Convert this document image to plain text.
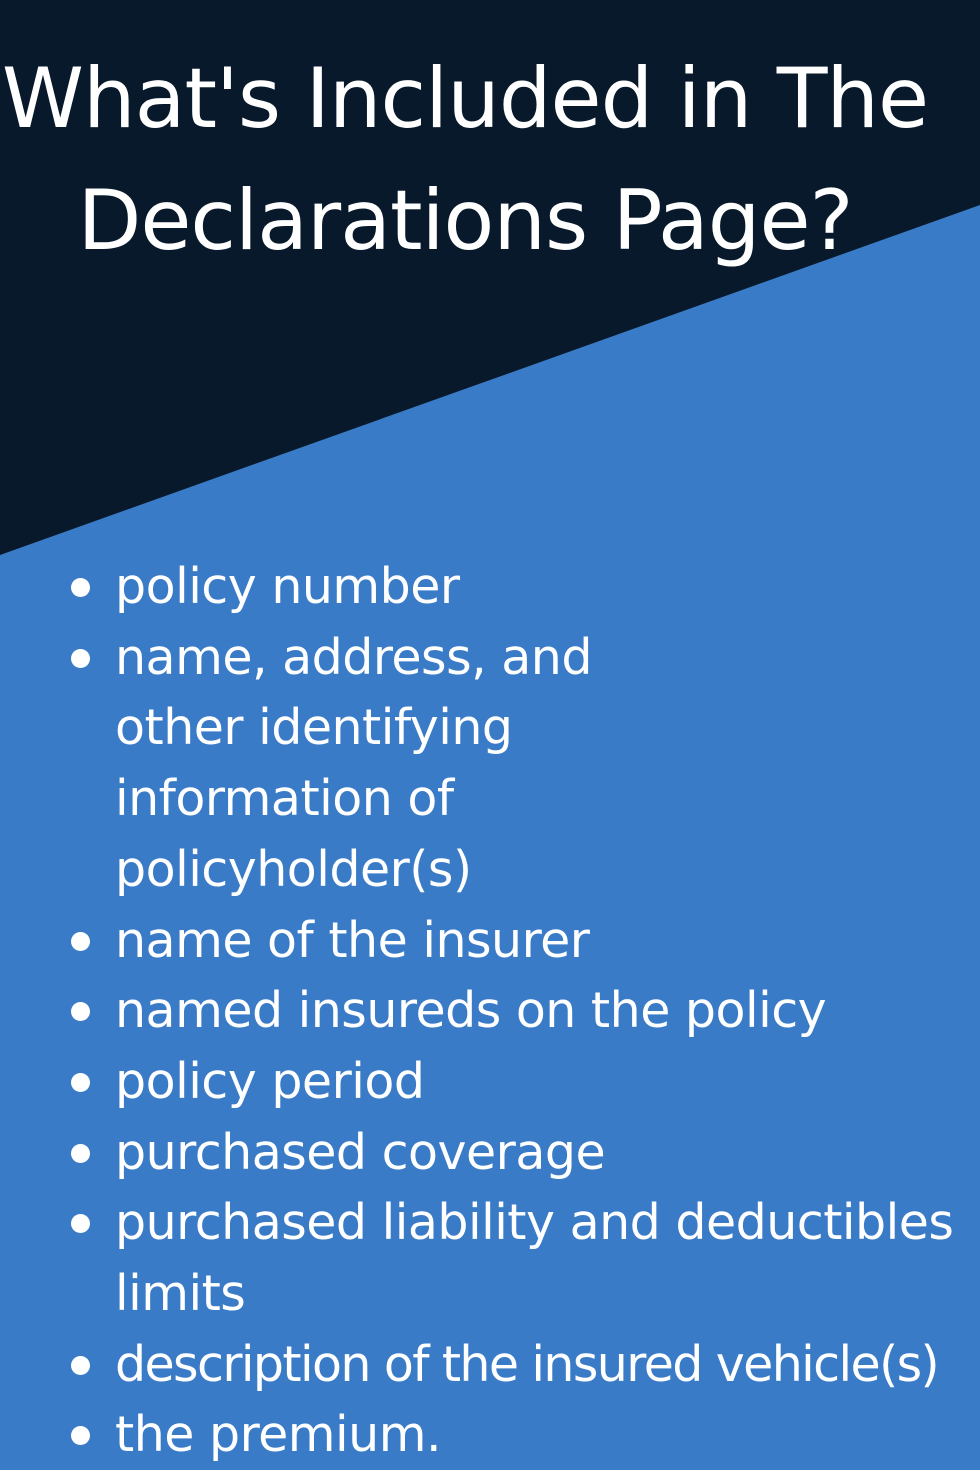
What's Included in The Declarations Page?
policy number
name, address, and other identifying information of policyholder(s)
name of the insurer
named insureds on the policy
policy period
purchased coverage
purchased liability and deductibles limits
description of the insured vehicle(s)
the premium.
